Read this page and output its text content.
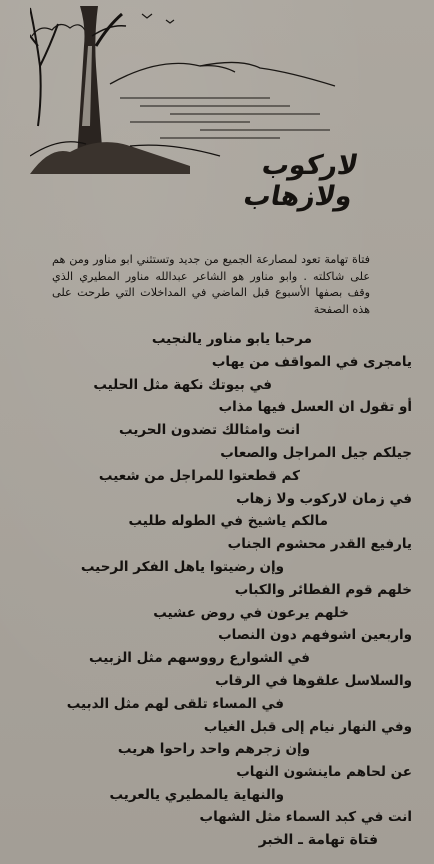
لاركوب ولازهاب
فتاة تهامة تعود لمصارعة الجميع من جديد وتستثني ابو مناور ومن هم على شاكلته . وابو مناور هو الشاعر عبدالله مناور المطيري الذي وقف بصفها الأسبوع قبل الماضي في المداخلات التي طرحت على هذه الصفحة
مرحبا يابو مناور يالنجيب
يامجرى في المواقف من يهاب
في بيوتك نكهة مثل الحليب
أو تقول ان العسل فيها مذاب
انت وامثالك تضدون الحريب
جيلكم جيل المراجل والصعاب
كم قطعتوا للمراجل من شعيب
في زمان لاركوب ولا زهاب
مالكم ياشيخ في الطوله طليب
يارفيع القدر محشوم الجناب
وإن رضيتوا ياهل الفكر الرحيب
خلهم قوم الفطائر والكباب
خلهم يرعون في روض عشيب
واربعين اشوفهم دون النصاب
في الشوارع رووسهم مثل الزبيب
والسلاسل علقوها في الرقاب
في المساء تلقى لهم مثل الدبيب
وفي النهار نيام إلى قبل الغياب
وإن زجرهم واحد راحوا هريب
عن لحاهم ماينشون النهاب
والنهاية يالمطيري يالعريب
انت في كبد السماء مثل الشهاب
فتاة تهامة ـ الخبر
